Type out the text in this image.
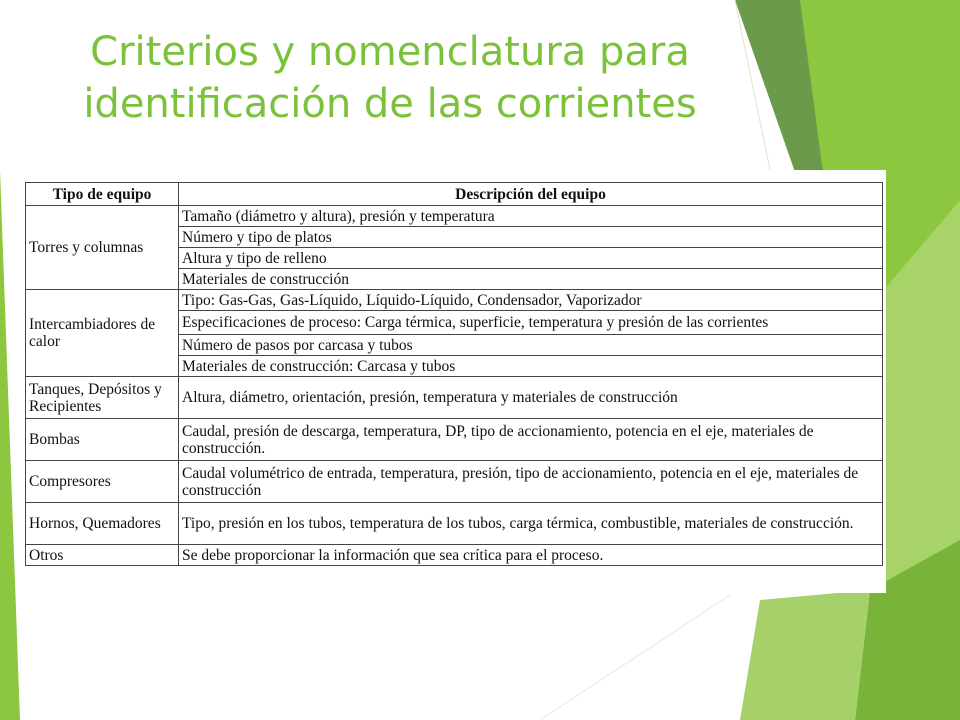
Criterios y nomenclatura para
identificación de las corrientes
Tipo de equipo	Descripción del equipo
Torres y columnas	Tamaño (diámetro y altura), presión y temperatura
	Número y tipo de platos
	Altura y tipo de relleno
	Materiales de construcción
Intercambiadores de calor	Tipo: Gas-Gas, Gas-Líquido, Líquido-Líquido, Condensador, Vaporizador
	Especificaciones de proceso: Carga térmica, superficie, temperatura y presión de las corrientes
	Número de pasos por carcasa y tubos
	Materiales de construcción: Carcasa y tubos
Tanques, Depósitos y Recipientes	Altura, diámetro, orientación, presión, temperatura y materiales de construcción
Bombas	Caudal, presión de descarga, temperatura, DP, tipo de accionamiento, potencia en el eje, materiales de construcción.
Compresores	Caudal volumétrico de entrada, temperatura, presión, tipo de accionamiento, potencia en el eje, materiales de construcción
Hornos, Quemadores	Tipo, presión en los tubos, temperatura de los tubos, carga térmica, combustible, materiales de construcción.
Otros	Se debe proporcionar la información que sea crítica para el proceso.
